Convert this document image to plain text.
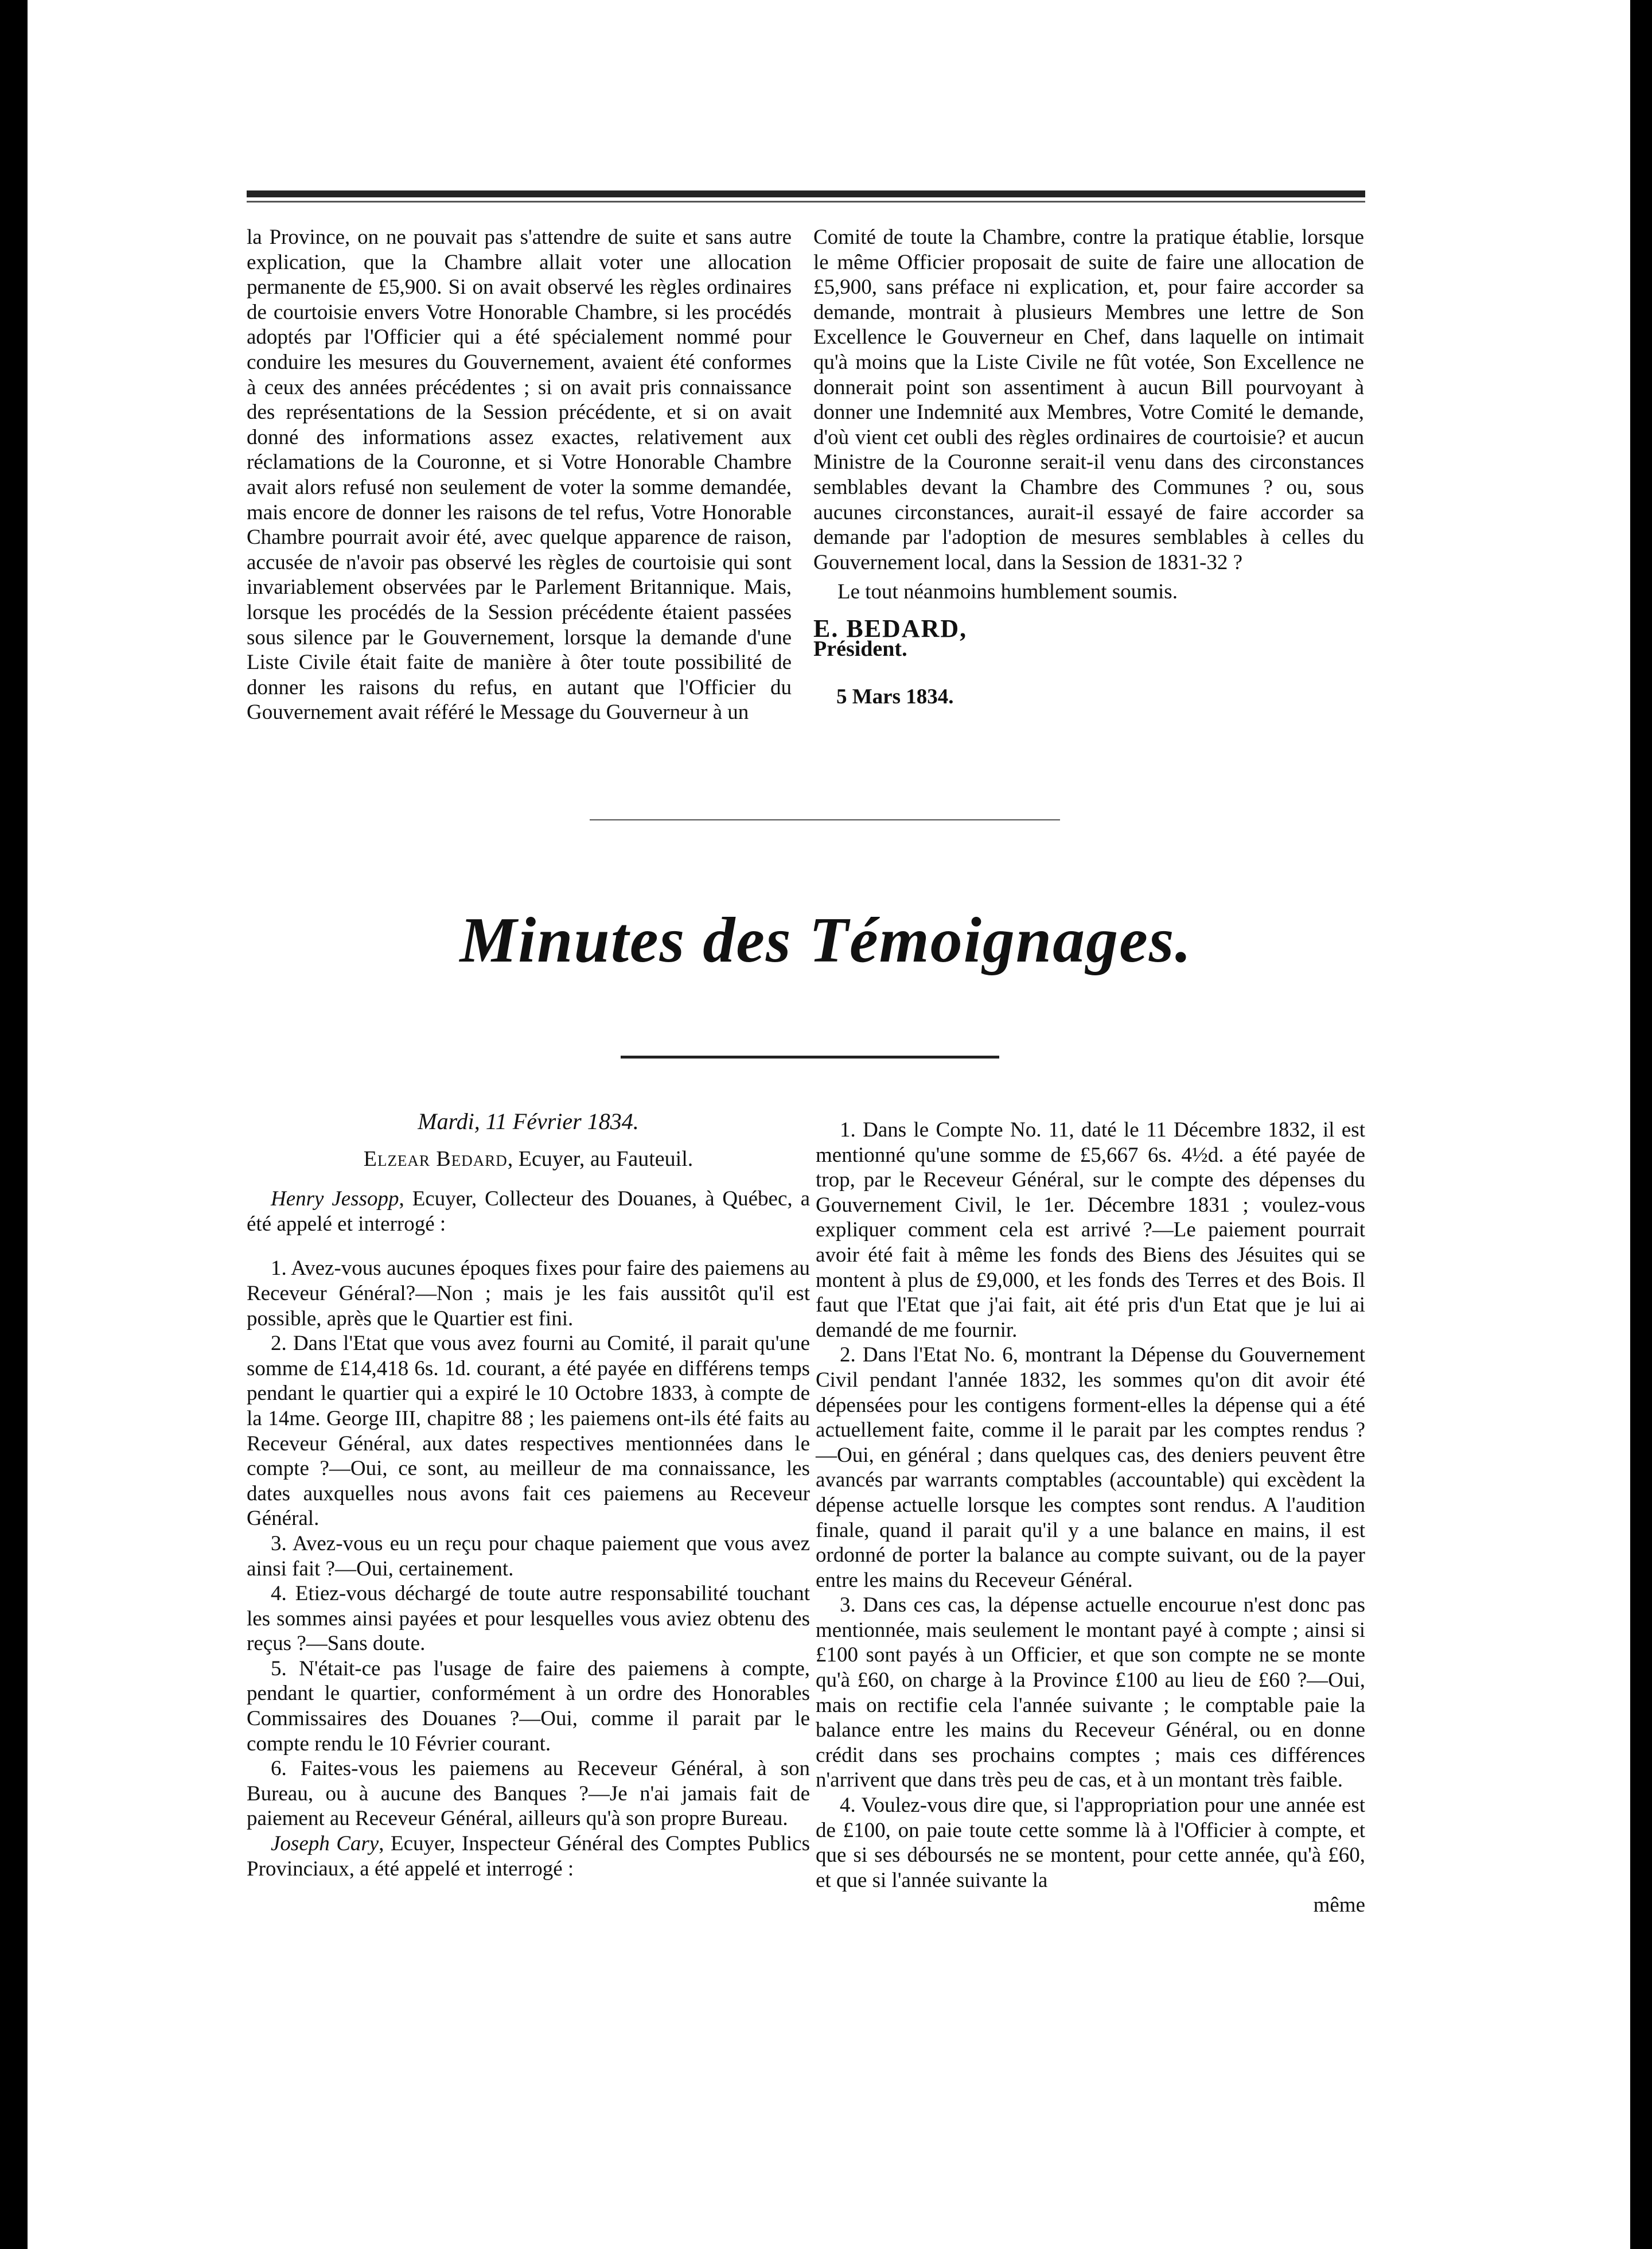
la Province, on ne pouvait pas s'attendre de suite et sans autre explication, que la Chambre allait voter une allocation permanente de £5,900. Si on avait observé les règles ordinaires de courtoisie envers Votre Honorable Chambre, si les procédés adoptés par l'Officier qui a été spécialement nommé pour conduire les mesures du Gouvernement, avaient été conformes à ceux des années précédentes ; si on avait pris connaissance des représentations de la Session précédente, et si on avait donné des informations assez exactes, relativement aux réclamations de la Couronne, et si Votre Honorable Chambre avait alors refusé non seulement de voter la somme demandée, mais encore de donner les raisons de tel refus, Votre Honorable Chambre pourrait avoir été, avec quelque apparence de raison, accusée de n'avoir pas observé les règles de courtoisie qui sont invariablement observées par le Parlement Britannique. Mais, lorsque les procédés de la Session précédente étaient passées sous silence par le Gouvernement, lorsque la demande d'une Liste Civile était faite de manière à ôter toute possibilité de donner les raisons du refus, en autant que l'Officier du Gouvernement avait référé le Message du Gouverneur à un

Comité de toute la Chambre, contre la pratique établie, lorsque le même Officier proposait de suite de faire une allocation de £5,900, sans préface ni explication, et, pour faire accorder sa demande, montrait à plusieurs Membres une lettre de Son Excellence le Gouverneur en Chef, dans laquelle on intimait qu'à moins que la Liste Civile ne fût votée, Son Excellence ne donnerait point son assentiment à aucun Bill pourvoyant à donner une Indemnité aux Membres, Votre Comité le demande, d'où vient cet oubli des règles ordinaires de courtoisie? et aucun Ministre de la Couronne serait-il venu dans des circonstances semblables devant la Chambre des Communes ? ou, sous aucunes circonstances, aurait-il essayé de faire accorder sa demande par l'adoption de mesures semblables à celles du Gouvernement local, dans la Session de 1831-32 ?

Le tout néanmoins humblement soumis.

E. BEDARD,

Président.

5 Mars 1834.

Minutes des Témoignages.

Mardi, 11 Février 1834.

Elzear Bedard, Ecuyer, au Fauteuil.

Henry Jessopp, Ecuyer, Collecteur des Douanes, à Québec, a été appelé et interrogé :

1. Avez-vous aucunes époques fixes pour faire des paiemens au Receveur Général?—Non ; mais je les fais aussitôt qu'il est possible, après que le Quartier est fini.

2. Dans l'Etat que vous avez fourni au Comité, il parait qu'une somme de £14,418 6s. 1d. courant, a été payée en différens temps pendant le quartier qui a expiré le 10 Octobre 1833, à compte de la 14me. George III, chapitre 88 ; les paiemens ont-ils été faits au Receveur Général, aux dates respectives mentionnées dans le compte ?—Oui, ce sont, au meilleur de ma connaissance, les dates auxquelles nous avons fait ces paiemens au Receveur Général.

3. Avez-vous eu un reçu pour chaque paiement que vous avez ainsi fait ?—Oui, certainement.

4. Etiez-vous déchargé de toute autre responsabilité touchant les sommes ainsi payées et pour lesquelles vous aviez obtenu des reçus ?—Sans doute.

5. N'était-ce pas l'usage de faire des paiemens à compte, pendant le quartier, conformément à un ordre des Honorables Commissaires des Douanes ?—Oui, comme il parait par le compte rendu le 10 Février courant.

6. Faites-vous les paiemens au Receveur Général, à son Bureau, ou à aucune des Banques ?—Je n'ai jamais fait de paiement au Receveur Général, ailleurs qu'à son propre Bureau.

Joseph Cary, Ecuyer, Inspecteur Général des Comptes Publics Provinciaux, a été appelé et interrogé :

1. Dans le Compte No. 11, daté le 11 Décembre 1832, il est mentionné qu'une somme de £5,667 6s. 4½d. a été payée de trop, par le Receveur Général, sur le compte des dépenses du Gouvernement Civil, le 1er. Décembre 1831 ; voulez-vous expliquer comment cela est arrivé ?—Le paiement pourrait avoir été fait à même les fonds des Biens des Jésuites qui se montent à plus de £9,000, et les fonds des Terres et des Bois. Il faut que l'Etat que j'ai fait, ait été pris d'un Etat que je lui ai demandé de me fournir.

2. Dans l'Etat No. 6, montrant la Dépense du Gouvernement Civil pendant l'année 1832, les sommes qu'on dit avoir été dépensées pour les contigens forment-elles la dépense qui a été actuellement faite, comme il le parait par les comptes rendus ?—Oui, en général ; dans quelques cas, des deniers peuvent être avancés par warrants comptables (accountable) qui excèdent la dépense actuelle lorsque les comptes sont rendus. A l'audition finale, quand il parait qu'il y a une balance en mains, il est ordonné de porter la balance au compte suivant, ou de la payer entre les mains du Receveur Général.

3. Dans ces cas, la dépense actuelle encourue n'est donc pas mentionnée, mais seulement le montant payé à compte ; ainsi si £100 sont payés à un Officier, et que son compte ne se monte qu'à £60, on charge à la Province £100 au lieu de £60 ?—Oui, mais on rectifie cela l'année suivante ; le comptable paie la balance entre les mains du Receveur Général, ou en donne crédit dans ses prochains comptes ; mais ces différences n'arrivent que dans très peu de cas, et à un montant très faible.

4. Voulez-vous dire que, si l'appropriation pour une année est de £100, on paie toute cette somme là à l'Officier à compte, et que si ses déboursés ne se montent, pour cette année, qu'à £60, et que si l'année suivante la

même
